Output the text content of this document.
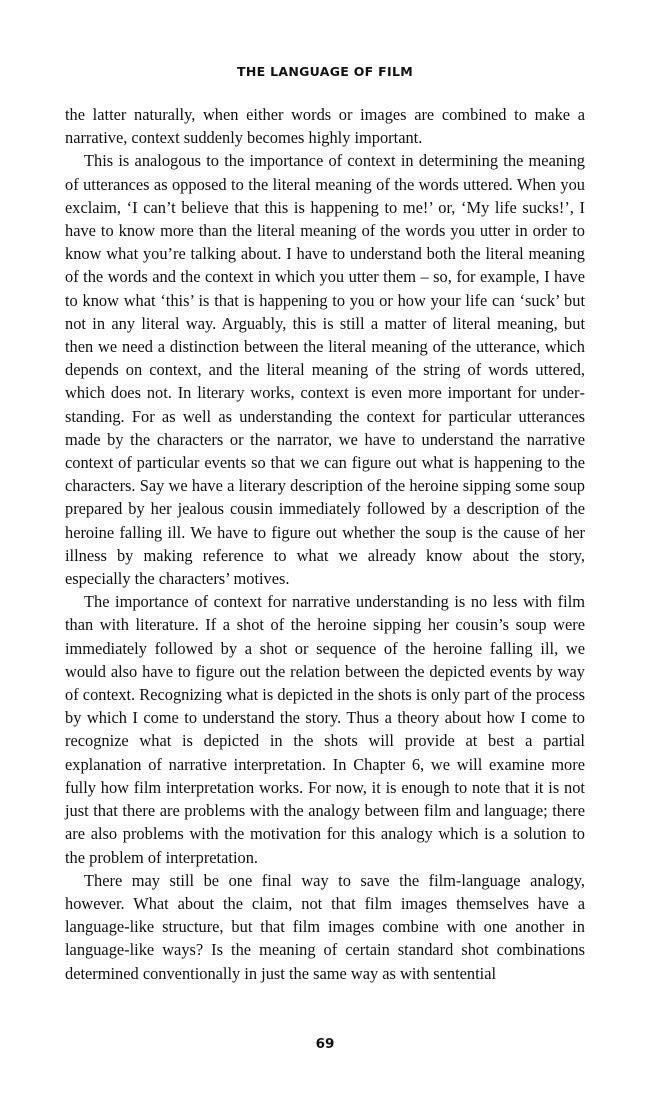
THE LANGUAGE OF FILM

the latter naturally, when either words or images are combined to make a narrative, context suddenly becomes highly important.

This is analogous to the importance of context in determining the meaning of utterances as opposed to the literal meaning of the words uttered. When you exclaim, ‘I can’t believe that this is happening to me!’ or, ‘My life sucks!’, I have to know more than the literal meaning of the words you utter in order to know what you’re talking about. I have to understand both the literal meaning of the words and the context in which you utter them – so, for example, I have to know what ‘this’ is that is happening to you or how your life can ‘suck’ but not in any literal way. Arguably, this is still a matter of literal meaning, but then we need a distinction between the literal meaning of the utterance, which depends on context, and the literal meaning of the string of words uttered, which does not. In literary works, context is even more important for understanding. For as well as understanding the context for particular utterances made by the characters or the narrator, we have to understand the narrative context of particular events so that we can figure out what is happening to the characters. Say we have a literary description of the heroine sipping some soup prepared by her jealous cousin immediately followed by a description of the heroine falling ill. We have to figure out whether the soup is the cause of her illness by making reference to what we already know about the story, especially the characters’ motives.

The importance of context for narrative understanding is no less with film than with literature. If a shot of the heroine sipping her cousin’s soup were immediately followed by a shot or sequence of the heroine falling ill, we would also have to figure out the relation between the depicted events by way of context. Recognizing what is depicted in the shots is only part of the process by which I come to understand the story. Thus a theory about how I come to recognize what is depicted in the shots will provide at best a partial explanation of narrative interpretation. In Chapter 6, we will examine more fully how film interpretation works. For now, it is enough to note that it is not just that there are problems with the analogy between film and language; there are also problems with the motivation for this analogy which is a solution to the problem of interpretation.

There may still be one final way to save the film-language analogy, however. What about the claim, not that film images themselves have a language-like structure, but that film images combine with one another in language-like ways? Is the meaning of certain standard shot combinations determined conventionally in just the same way as with sentential

69
